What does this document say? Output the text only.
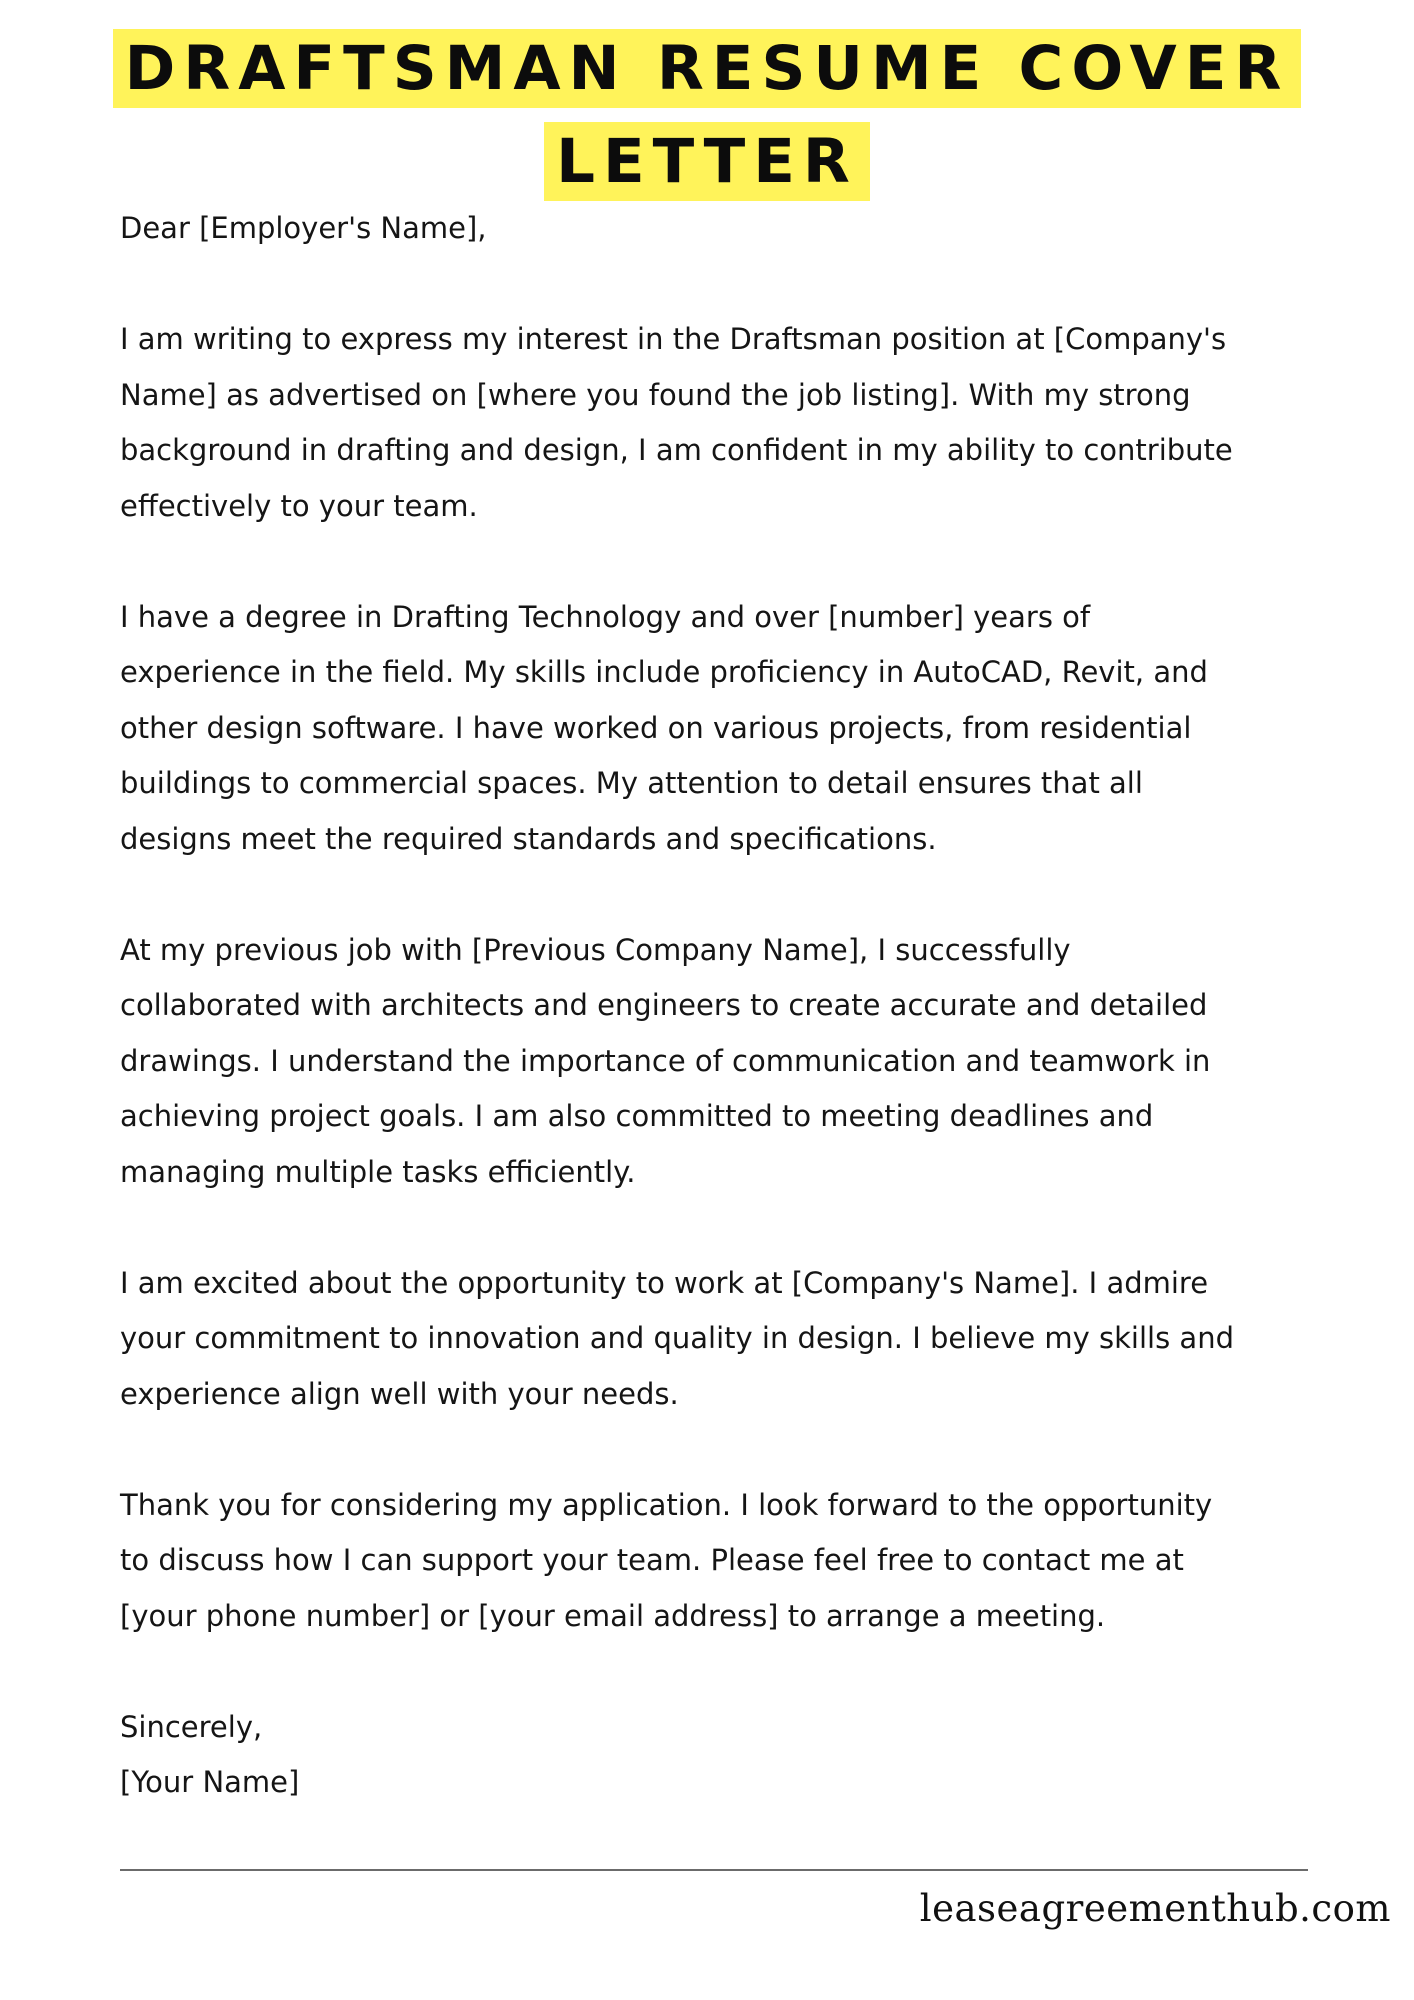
DRAFTSMAN RESUME COVER
LETTER

Dear [Employer's Name],

I am writing to express my interest in the Draftsman position at [Company's
Name] as advertised on [where you found the job listing]. With my strong
background in drafting and design, I am confident in my ability to contribute
effectively to your team.

I have a degree in Drafting Technology and over [number] years of
experience in the field. My skills include proficiency in AutoCAD, Revit, and
other design software. I have worked on various projects, from residential
buildings to commercial spaces. My attention to detail ensures that all
designs meet the required standards and specifications.

At my previous job with [Previous Company Name], I successfully
collaborated with architects and engineers to create accurate and detailed
drawings. I understand the importance of communication and teamwork in
achieving project goals. I am also committed to meeting deadlines and
managing multiple tasks efficiently.

I am excited about the opportunity to work at [Company's Name]. I admire
your commitment to innovation and quality in design. I believe my skills and
experience align well with your needs.

Thank you for considering my application. I look forward to the opportunity
to discuss how I can support your team. Please feel free to contact me at
[your phone number] or [your email address] to arrange a meeting.

Sincerely,
[Your Name]

leaseagreementhub.com
